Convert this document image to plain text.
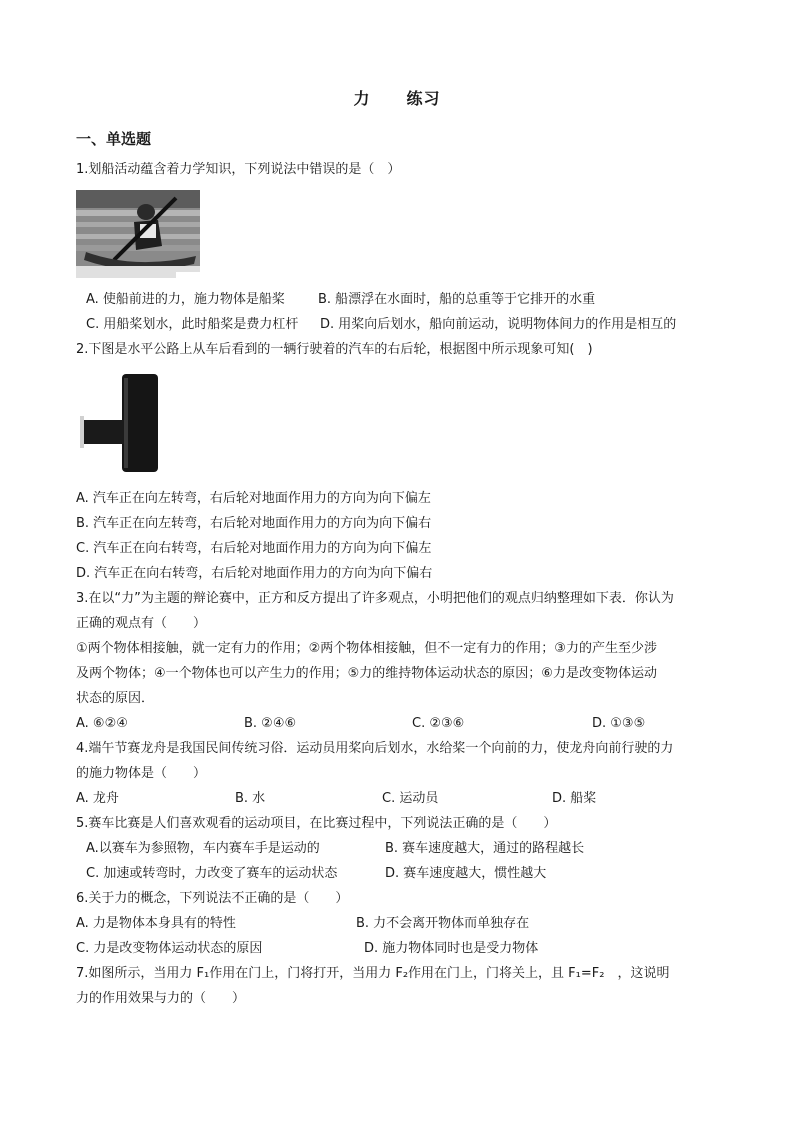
力 练习
一、单选题
1.划船活动蕴含着力学知识，下列说法中错误的是（　）
A. 使船前进的力，施力物体是船桨	B. 船漂浮在水面时，船的总重等于它排开的水重
C. 用船桨划水，此时船桨是费力杠杆 D. 用桨向后划水，船向前运动，说明物体间力的作用是相互的
2.下图是水平公路上从车后看到的一辆行驶着的汽车的右后轮，根据图中所示现象可知(　)
A. 汽车正在向左转弯，右后轮对地面作用力的方向为向下偏左
B. 汽车正在向左转弯，右后轮对地面作用力的方向为向下偏右
C. 汽车正在向右转弯，右后轮对地面作用力的方向为向下偏左
D. 汽车正在向右转弯，右后轮对地面作用力的方向为向下偏右
3.在以“力”为主题的辩论赛中，正方和反方提出了许多观点，小明把他们的观点归纳整理如下表．你认为
正确的观点有（　　）
①两个物体相接触，就一定有力的作用；②两个物体相接触，但不一定有力的作用；③力的产生至少涉
及两个物体；④一个物体也可以产生力的作用；⑤力的维持物体运动状态的原因；⑥力是改变物体运动
状态的原因．
A. ⑥②④	B. ②④⑥	C. ②③⑥	D. ①③⑤
4.端午节赛龙舟是我国民间传统习俗．运动员用桨向后划水，水给桨一个向前的力，使龙舟向前行驶的力
的施力物体是（　　）
A. 龙舟	B. 水	C. 运动员	D. 船桨
5.赛车比赛是人们喜欢观看的运动项目，在比赛过程中，下列说法正确的是（　　）
A.以赛车为参照物，车内赛车手是运动的	B. 赛车速度越大，通过的路程越长
C. 加速或转弯时，力改变了赛车的运动状态	D. 赛车速度越大，惯性越大
6.关于力的概念，下列说法不正确的是（　　）
A. 力是物体本身具有的特性	B. 力不会离开物体而单独存在
C. 力是改变物体运动状态的原因	D. 施力物体同时也是受力物体
7.如图所示，当用力 F₁作用在门上，门将打开，当用力 F₂作用在门上，门将关上，且 F₁=F₂　，这说明
力的作用效果与力的（　　）
